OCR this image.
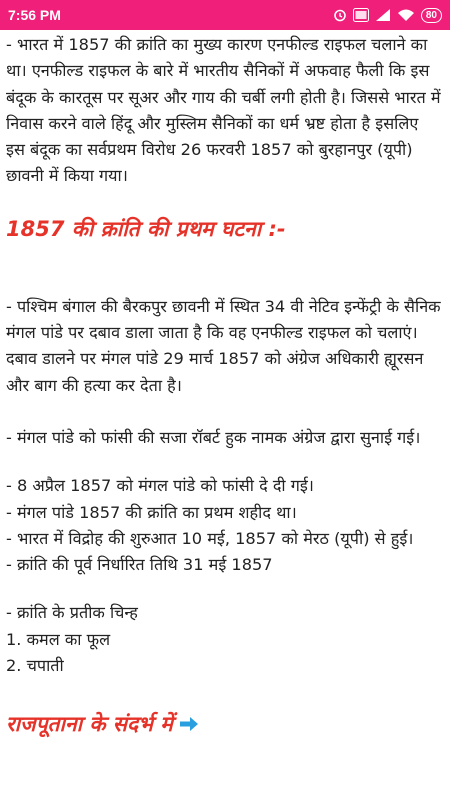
7:56 PM	80

- भारत में 1857 की क्रांति का मुख्य कारण एनफील्ड राइफल चलाने का था। एनफील्ड राइफल के बारे में भारतीय सैनिकों में अफवाह फैली कि इस बंदूक के कारतूस पर सूअर और गाय की चर्बी लगी होती है। जिससे भारत में निवास करने वाले हिंदू और मुस्लिम सैनिकों का धर्म भ्रष्ट होता है इसलिए इस बंदूक का सर्वप्रथम विरोध 26 फरवरी 1857 को बुरहानपुर (यूपी) छावनी में किया गया।

1857 की क्रांति की प्रथम घटना :-

- पश्चिम बंगाल की बैरकपुर छावनी में स्थित 34 वी नेटिव इन्फेंट्री के सैनिक मंगल पांडे पर दबाव डाला जाता है कि वह एनफील्ड राइफल को चलाएं। दबाव डालने पर मंगल पांडे 29 मार्च 1857 को अंग्रेज अधिकारी ह्यूरसन और बाग की हत्या कर देता है।

- मंगल पांडे को फांसी की सजा रॉबर्ट हुक नामक अंग्रेज द्वारा सुनाई गई।

- 8 अप्रैल 1857 को मंगल पांडे को फांसी दे दी गई।
- मंगल पांडे 1857 की क्रांति का प्रथम शहीद था।
- भारत में विद्रोह की शुरुआत 10 मई, 1857 को मेरठ (यूपी) से हुई।
- क्रांति की पूर्व निर्धारित तिथि 31 मई 1857
- क्रांति के प्रतीक चिन्ह
1. कमल का फूल
2. चपाती

राजपूताना के संदर्भ में
